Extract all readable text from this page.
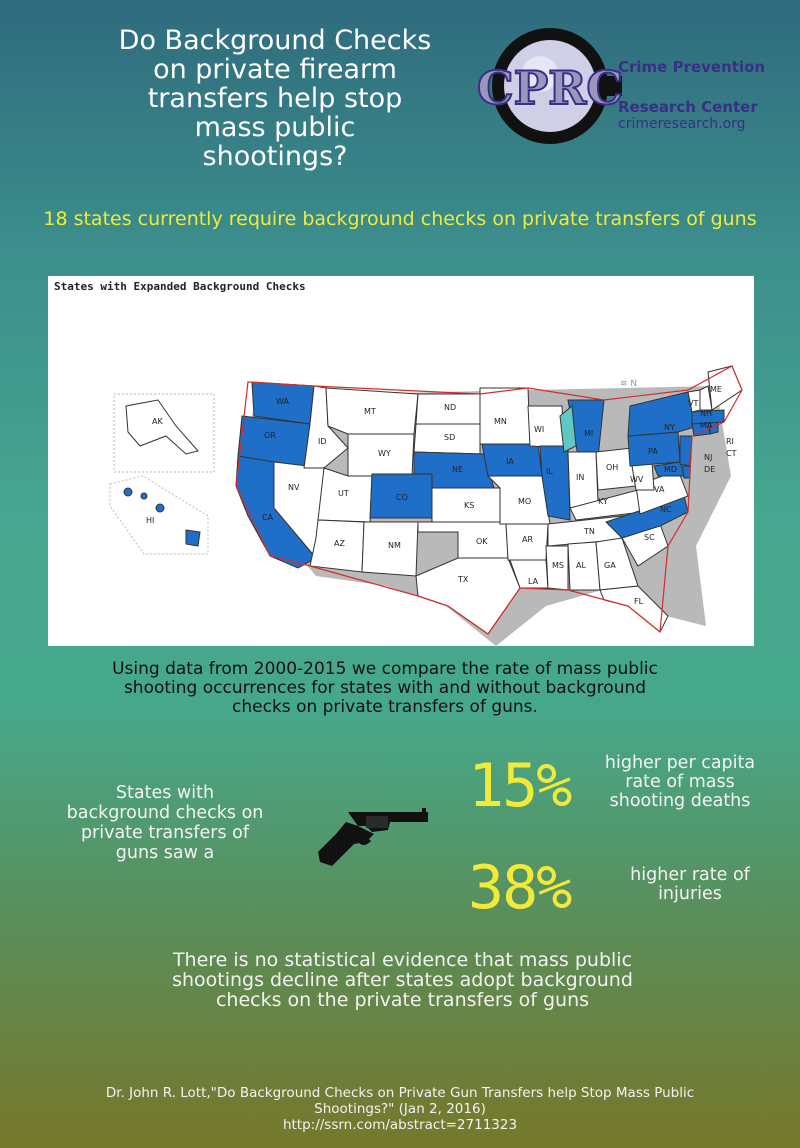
Do Background Checks
on private firearm
transfers help stop
mass public
shootings?
CPRC
Crime Prevention
Research Center
crimeresearch.org
18 states currently require background checks on private transfers of guns
States with Expanded Background Checks
AK
HI
≋ N
WA
OR
CA
NV
ID
MT
WY
UT	CO
AZ	NM
ND
SD
NE
KS
OK
TX
MN
IA
MO
AR
LA
WI
IL
MI
IN
OH
KY
TN
MS AL GA
FL
SC
NC
VA
WV
PA
NY
VT
NH
ME
MA
RI
CT
NJ
DE
MD
Using data from 2000-2015 we compare the rate of mass public
shooting occurrences for states with and without background
checks on private transfers of guns.
States with
background checks on
private transfers of
guns saw a
15%	higher per capita
rate of mass
shooting deaths
38%	higher rate of
injuries
There is no statistical evidence that mass public
shootings decline after states adopt background
checks on the private transfers of guns
Dr. John R. Lott,"Do Background Checks on Private Gun Transfers help Stop Mass Public
Shootings?" (Jan 2, 2016)
http://ssrn.com/abstract=2711323
